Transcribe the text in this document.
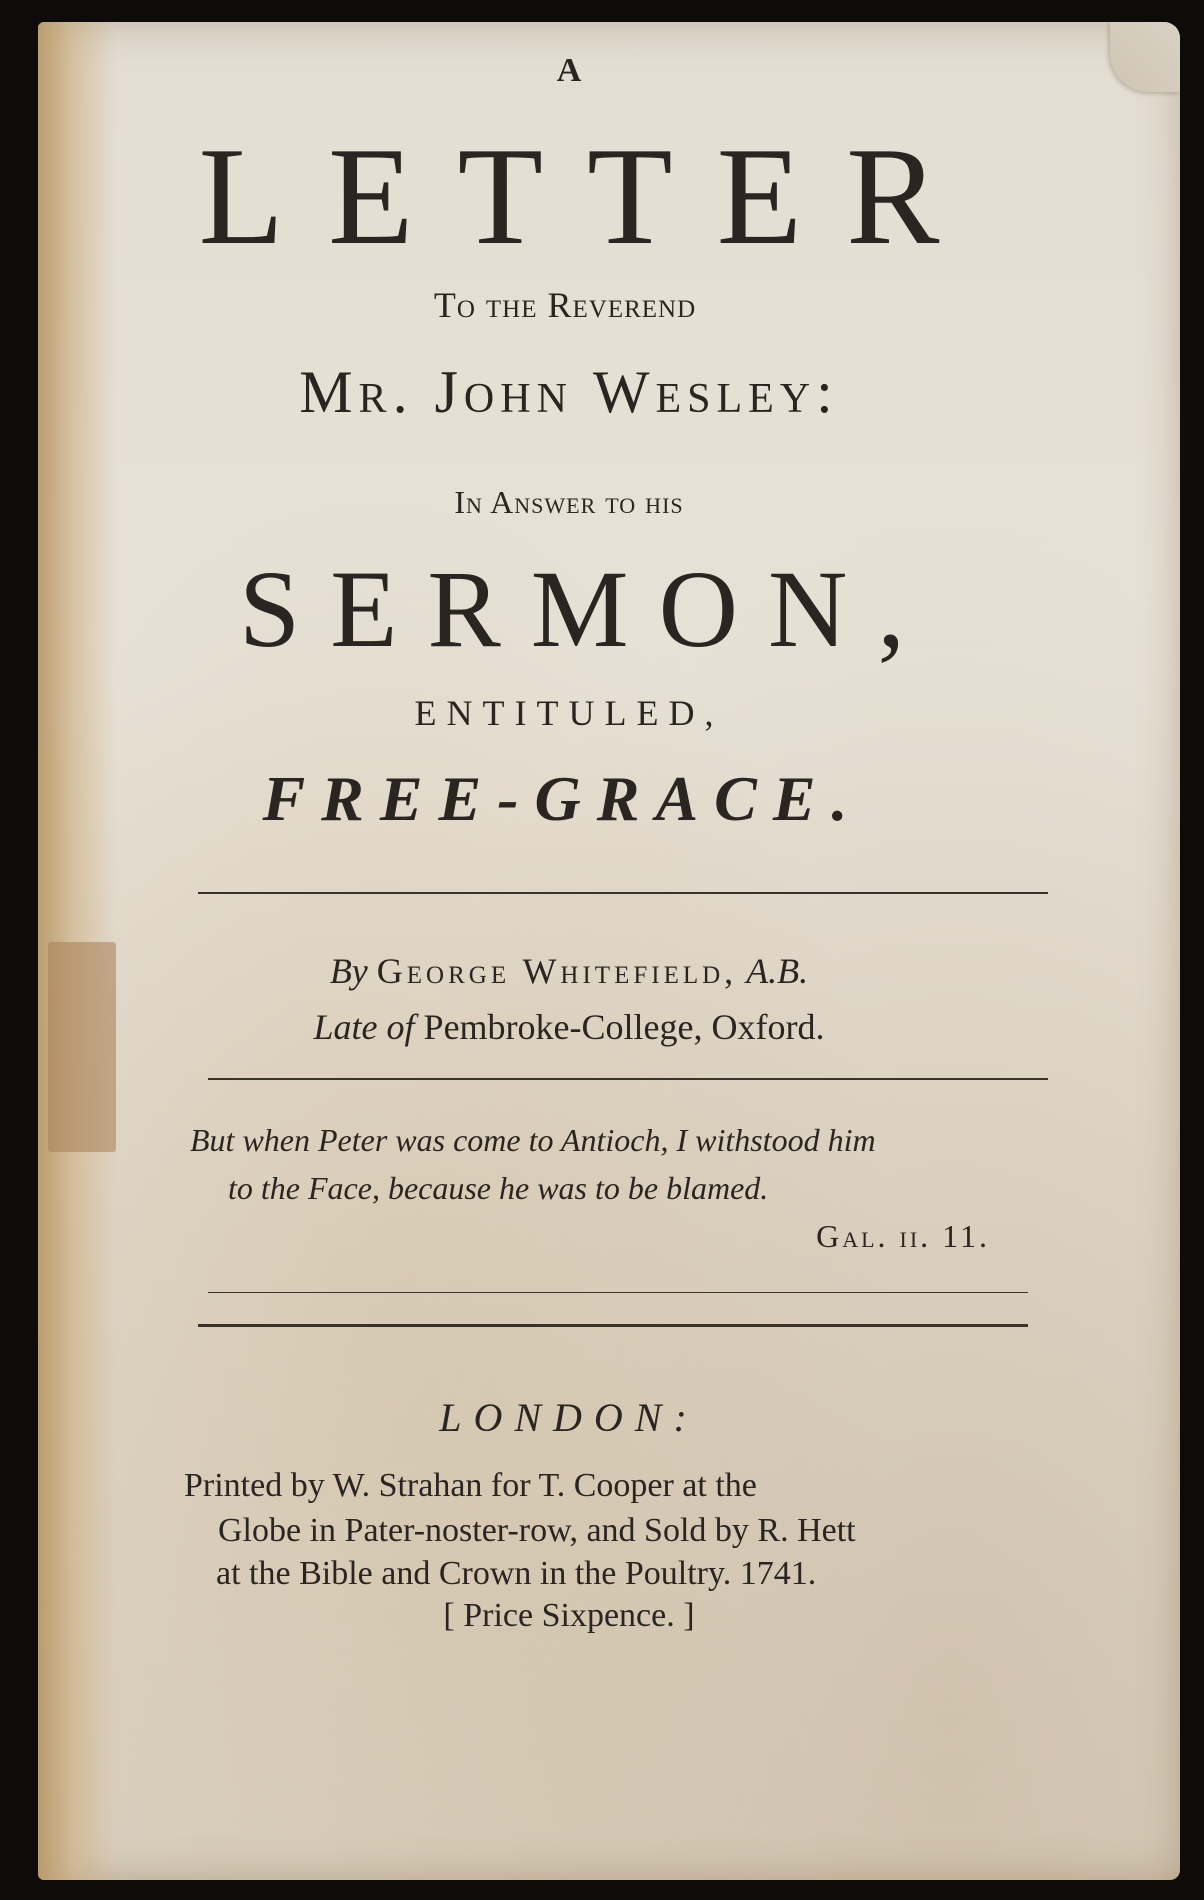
A
LETTER
To the Reverend
Mr. John Wesley:
In Answer to his
SERMON,
ENTITULED,
FREE-GRACE.
By George Whitefield, A.B.
Late of Pembroke-College, Oxford.
But when Peter was come to Antioch, I withstood him
to the Face, because he was to be blamed.
Gal. ii. 11.
LONDON:
Printed by W. Strahan for T. Cooper at the
Globe in Pater-noster-row, and Sold by R. Hett
at the Bible and Crown in the Poultry. 1741.
[ Price Sixpence. ]
